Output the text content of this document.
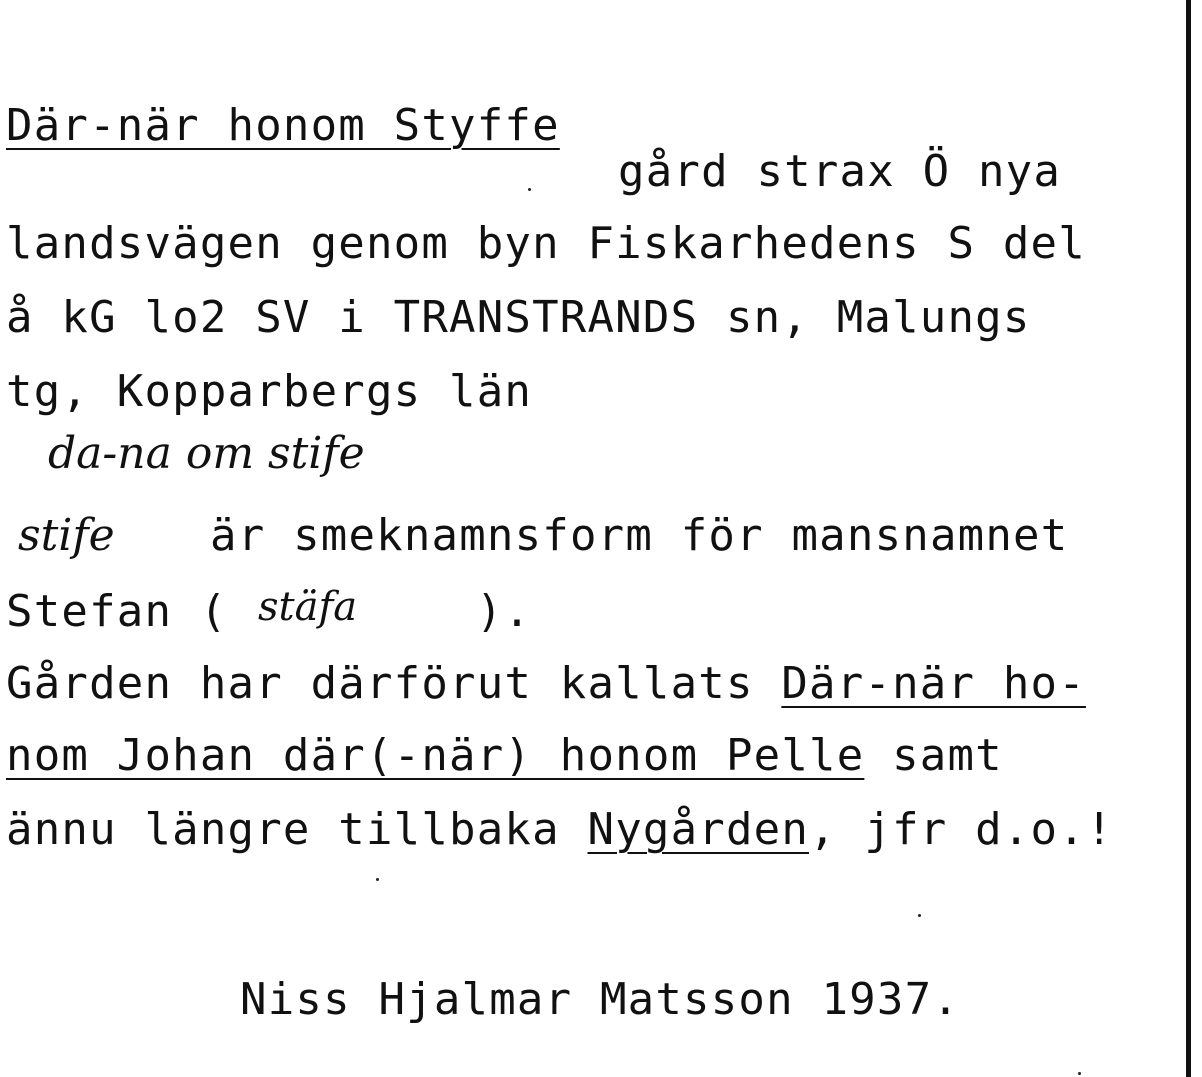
Där-när honom Styffe
gård strax Ö nya
landsvägen genom byn Fiskarhedens S del
å kG lo2 SV i TRANSTRANDS sn, Malungs
tg, Kopparbergs län
da-na om stife
stife är smeknamnsform för mansnamnet
Stefan ( stäfa	).
Gården har därförut kallats Där-när ho-
nom Johan där(-när) honom Pelle samt
ännu längre tillbaka Nygården, jfr d.o.!
Niss Hjalmar Matsson 1937.
